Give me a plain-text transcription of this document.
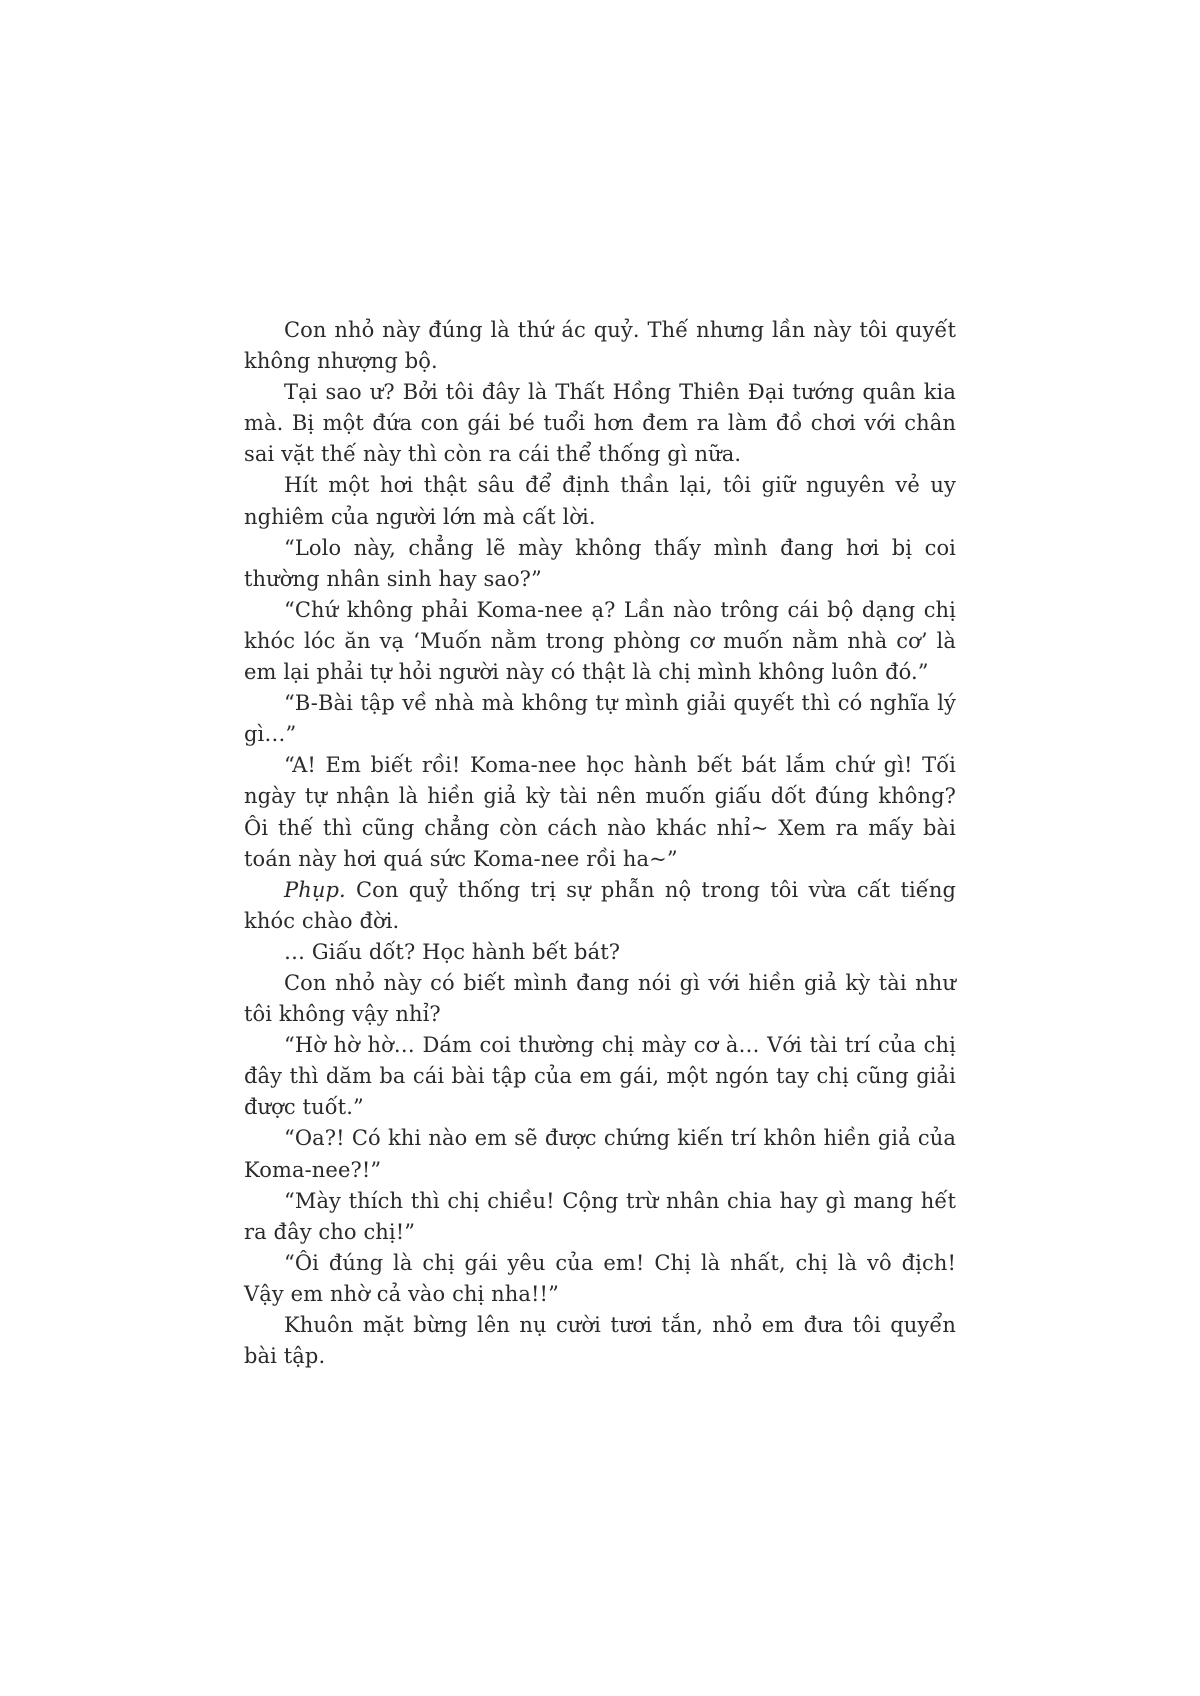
Con nhỏ này đúng là thứ ác quỷ. Thế nhưng lần này tôi quyết không nhượng bộ.

Tại sao ư? Bởi tôi đây là Thất Hồng Thiên Đại tướng quân kia mà. Bị một đứa con gái bé tuổi hơn đem ra làm đồ chơi với chân sai vặt thế này thì còn ra cái thể thống gì nữa.

Hít một hơi thật sâu để định thần lại, tôi giữ nguyên vẻ uy nghiêm của người lớn mà cất lời.

“Lolo này, chẳng lẽ mày không thấy mình đang hơi bị coi thường nhân sinh hay sao?”

“Chứ không phải Koma-nee ạ? Lần nào trông cái bộ dạng chị khóc lóc ăn vạ ‘Muốn nằm trong phòng cơ muốn nằm nhà cơ’ là em lại phải tự hỏi người này có thật là chị mình không luôn đó.”

“B-Bài tập về nhà mà không tự mình giải quyết thì có nghĩa lý gì…”

“A! Em biết rồi! Koma-nee học hành bết bát lắm chứ gì! Tối ngày tự nhận là hiền giả kỳ tài nên muốn giấu dốt đúng không? Ôi thế thì cũng chẳng còn cách nào khác nhỉ~ Xem ra mấy bài toán này hơi quá sức Koma-nee rồi ha~”

Phụp. Con quỷ thống trị sự phẫn nộ trong tôi vừa cất tiếng khóc chào đời.

… Giấu dốt? Học hành bết bát?

Con nhỏ này có biết mình đang nói gì với hiền giả kỳ tài như tôi không vậy nhỉ?

“Hờ hờ hờ… Dám coi thường chị mày cơ à… Với tài trí của chị đây thì dăm ba cái bài tập của em gái, một ngón tay chị cũng giải được tuốt.”

“Oa?! Có khi nào em sẽ được chứng kiến trí khôn hiền giả của Koma-nee?!”

“Mày thích thì chị chiều! Cộng trừ nhân chia hay gì mang hết ra đây cho chị!”

“Ôi đúng là chị gái yêu của em! Chị là nhất, chị là vô địch! Vậy em nhờ cả vào chị nha!!”

Khuôn mặt bừng lên nụ cười tươi tắn, nhỏ em đưa tôi quyển bài tập.
